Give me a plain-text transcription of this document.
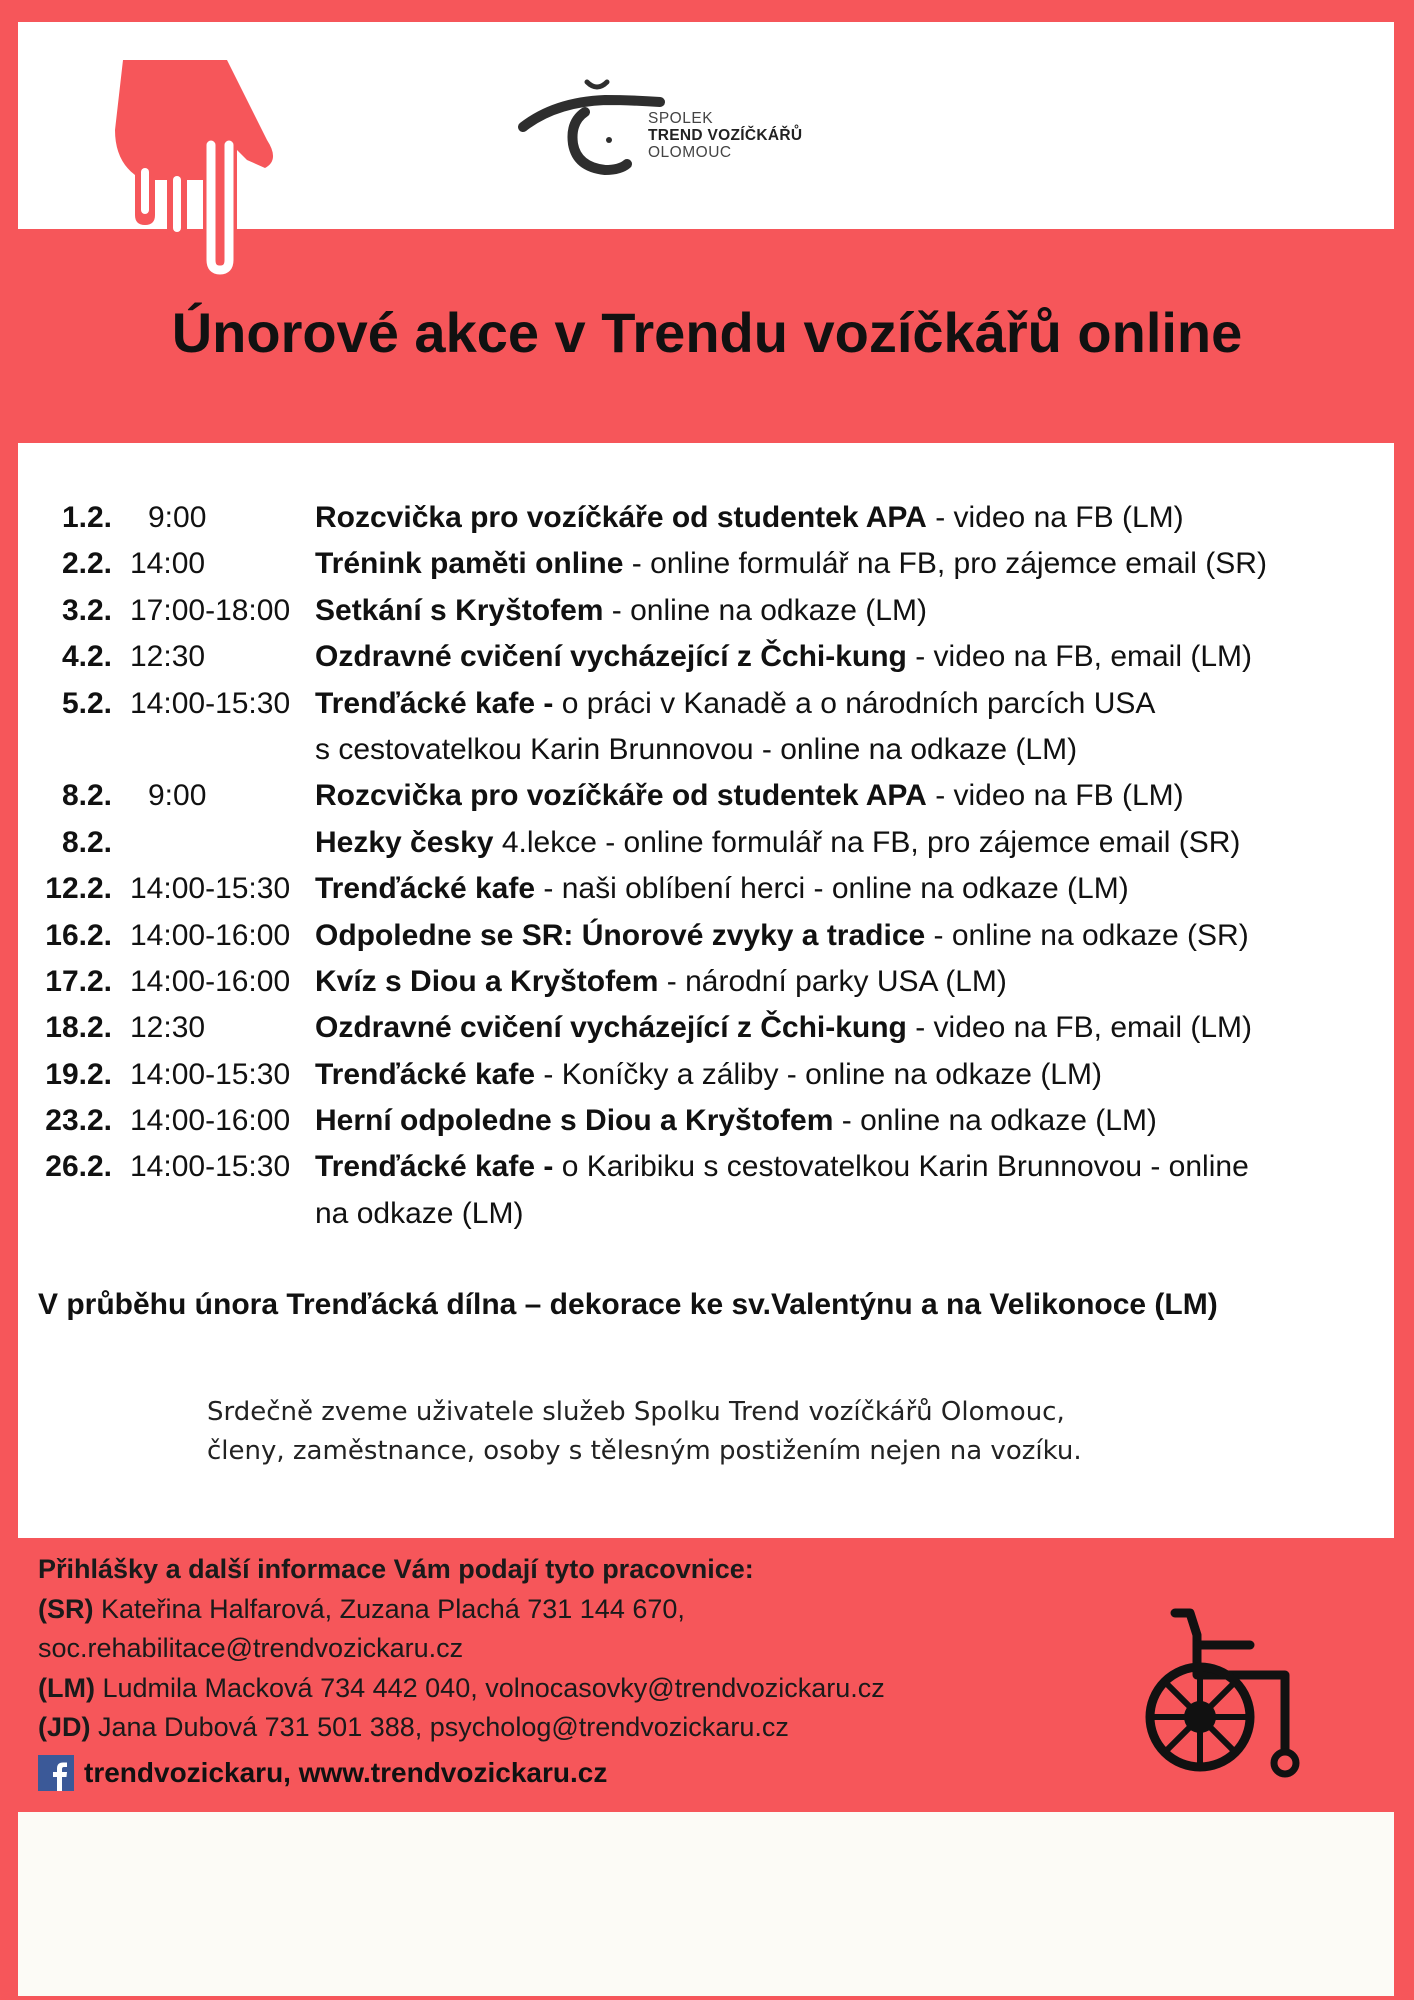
SPOLEK
TREND VOZÍČKÁŘŮ
OLOMOUC
Únorové akce v Trendu vozíčkářů online
1.2. 9:00	Rozcvička pro vozíčkáře od studentek APA - video na FB (LM)
2.2. 14:00	Trénink paměti online - online formulář na FB, pro zájemce email (SR)
3.2. 17:00-18:00 Setkání s Kryštofem - online na odkaze (LM)
4.2. 12:30	Ozdravné cvičení vycházející z Čchi-kung - video na FB, email (LM)
5.2. 14:00-15:30 Trenďácké kafe - o práci v Kanadě a o národních parcích USA
s cestovatelkou Karin Brunnovou - online na odkaze (LM)
8.2. 9:00	Rozcvička pro vozíčkáře od studentek APA - video na FB (LM)
8.2.	Hezky česky 4.lekce - online formulář na FB, pro zájemce email (SR)
12.2. 14:00-15:30 Trenďácké kafe - naši oblíbení herci - online na odkaze (LM)
16.2. 14:00-16:00 Odpoledne se SR: Únorové zvyky a tradice - online na odkaze (SR)
17.2. 14:00-16:00 Kvíz s Diou a Kryštofem - národní parky USA (LM)
18.2. 12:30	Ozdravné cvičení vycházející z Čchi-kung - video na FB, email (LM)
19.2. 14:00-15:30 Trenďácké kafe - Koníčky a záliby - online na odkaze (LM)
23.2. 14:00-16:00 Herní odpoledne s Diou a Kryštofem - online na odkaze (LM)
26.2. 14:00-15:30 Trenďácké kafe - o Karibiku s cestovatelkou Karin Brunnovou - online
na odkaze (LM)
V průběhu února Trenďácká dílna – dekorace ke sv.Valentýnu a na Velikonoce (LM)
Srdečně zveme uživatele služeb Spolku Trend vozíčkářů Olomouc,
členy, zaměstnance, osoby s tělesným postižením nejen na vozíku.
Přihlášky a další informace Vám podají tyto pracovnice:
(SR) Kateřina Halfarová, Zuzana Plachá 731 144 670,
soc.rehabilitace@trendvozickaru.cz
(LM) Ludmila Macková 734 442 040, volnocasovky@trendvozickaru.cz
(JD) Jana Dubová 731 501 388, psycholog@trendvozickaru.cz
trendvozickaru, www.trendvozickaru.cz
